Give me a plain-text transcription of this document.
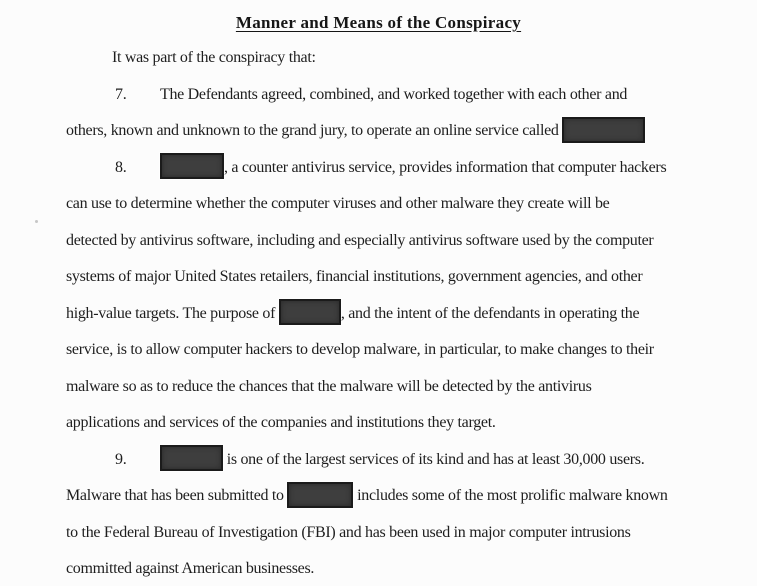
Manner and Means of the Conspiracy
It was part of the conspiracy that:
7. The Defendants agreed, combined, and worked together with each other and
others, known and unknown to the grand jury, to operate an online service called
8.	, a counter antivirus service, provides information that computer hackers
can use to determine whether the computer viruses and other malware they create will be
detected by antivirus software, including and especially antivirus software used by the computer
systems of major United States retailers, financial institutions, government agencies, and other
high-value targets. The purpose of	, and the intent of the defendants in operating the
service, is to allow computer hackers to develop malware, in particular, to make changes to their
malware so as to reduce the chances that the malware will be detected by the antivirus
applications and services of the companies and institutions they target.
9.	is one of the largest services of its kind and has at least 30,000 users.
Malware that has been submitted to	includes some of the most prolific malware known
to the Federal Bureau of Investigation (FBI) and has been used in major computer intrusions
committed against American businesses.
